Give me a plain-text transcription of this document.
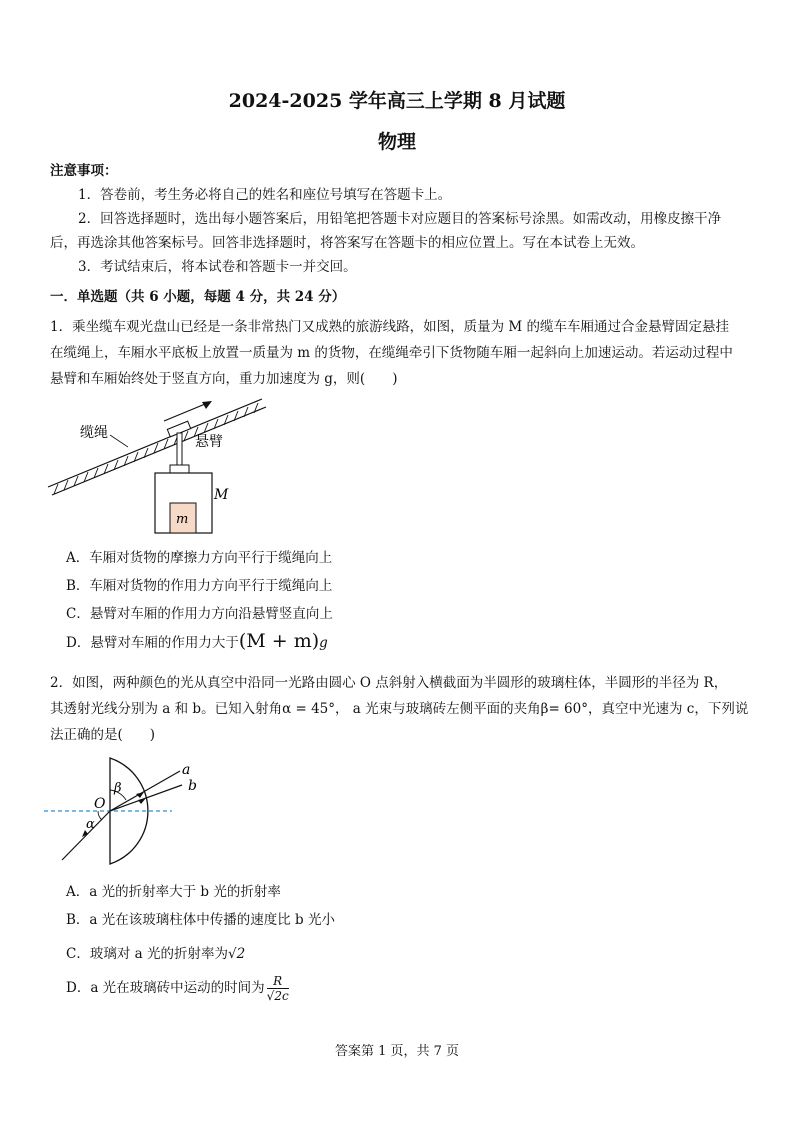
2024-2025 学年高三上学期 8 月试题
物理
注意事项：
1．答卷前，考生务必将自己的姓名和座位号填写在答题卡上。
2．回答选择题时，选出每小题答案后，用铅笔把答题卡对应题目的答案标号涂黑。如需改动，用橡皮擦干净
后，再选涂其他答案标号。回答非选择题时，将答案写在答题卡的相应位置上。写在本试卷上无效。
3．考试结束后，将本试卷和答题卡一并交回。
一．单选题（共 6 小题，每题 4 分，共 24 分）
1．乘坐缆车观光盘山已经是一条非常热门又成熟的旅游线路，如图，质量为 M 的缆车车厢通过合金悬臂固定悬挂
在缆绳上，车厢水平底板上放置一质量为 m 的货物，在缆绳牵引下货物随车厢一起斜向上加速运动。若运动过程中
悬臂和车厢始终处于竖直方向，重力加速度为 g，则(　　)
缆绳
悬臂
M
m
A．车厢对货物的摩擦力方向平行于缆绳向上
B．车厢对货物的作用力方向平行于缆绳向上
C．悬臂对车厢的作用力方向沿悬臂竖直向上
D．悬臂对车厢的作用力大于(M + m)g
2．如图，两种颜色的光从真空中沿同一光路由圆心 O 点斜射入横截面为半圆形的玻璃柱体，半圆形的半径为 R，
其透射光线分别为 a 和 b。已知入射角α = 45°， a 光束与玻璃砖左侧平面的夹角β= 60°，真空中光速为 c，下列说
法正确的是(　　)
a
b
O
α
β
A．a 光的折射率大于 b 光的折射率
B．a 光在该玻璃柱体中传播的速度比 b 光小
C．玻璃对 a 光的折射率为√2
D．a 光在玻璃砖中运动的时间为 $\frac{R}{√2c}$
答案第 1 页，共 7 页
